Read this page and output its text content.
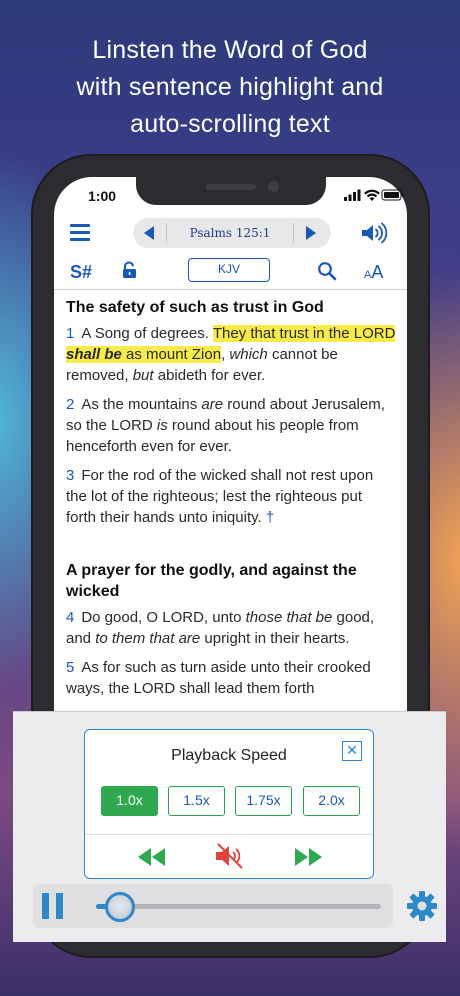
Linsten the Word of God
with sentence highlight and
auto-scrolling text
1:00
Psalms 125:1
S#	KJV	AA
The safety of such as trust in God
1 A Song of degrees. They that trust in the LORD shall be as mount Zion, which cannot be removed, but abideth for ever.
2 As the mountains are round about Jerusalem, so the LORD is round about his people from henceforth even for ever.
3 For the rod of the wicked shall not rest upon the lot of the righteous; lest the righteous put forth their hands unto iniquity. †
A prayer for the godly, and against the wicked
4 Do good, O LORD, unto those that be good, and to them that are upright in their hearts.
5 As for such as turn aside unto their crooked ways, the LORD shall lead them forth
Playback Speed	✕
1.0x	1.5x	1.75x	2.0x
